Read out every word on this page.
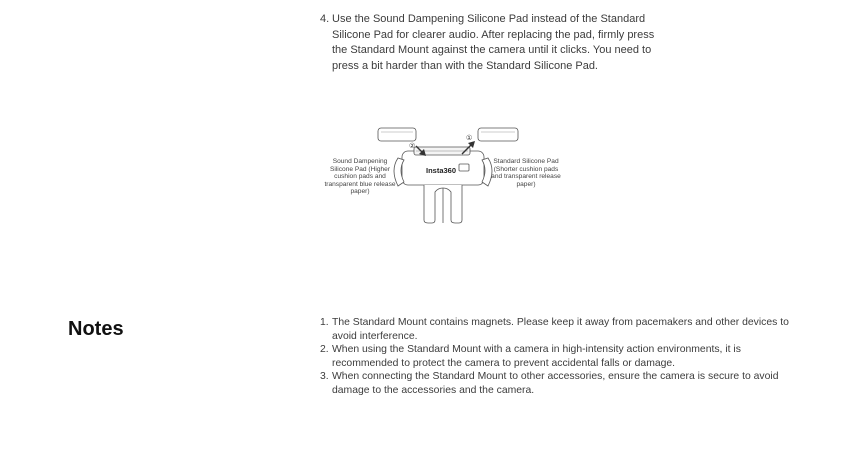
4. Use the Sound Dampening Silicone Pad instead of the Standard Silicone Pad for clearer audio. After replacing the pad, firmly press the Standard Mount against the camera until it clicks. You need to press a bit harder than with the Standard Silicone Pad.
②
①
Insta360
Sound Dampening Silicone Pad (Higher cushion pads and transparent blue release paper)
Standard Silicone Pad (Shorter cushion pads and transparent release paper)
Notes	1. The Standard Mount contains magnets. Please keep it away from pacemakers and other devices to avoid interference.
2. When using the Standard Mount with a camera in high-intensity action environments, it is recommended to protect the camera to prevent accidental falls or damage.
3. When connecting the Standard Mount to other accessories, ensure the camera is secure to avoid damage to the accessories and the camera.
